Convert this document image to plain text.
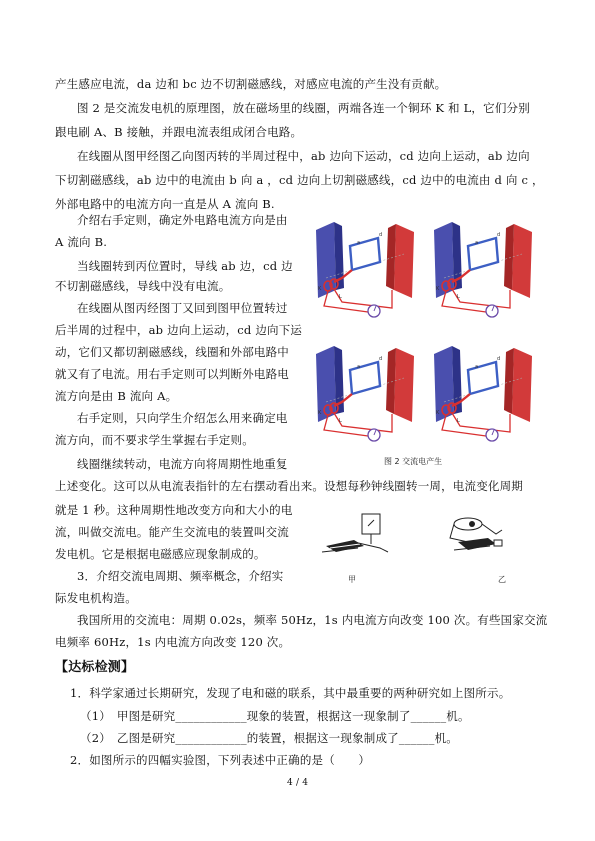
产生感应电流，da 边和 bc 边不切割磁感线，对感应电流的产生没有贡献。
图 2 是交流发电机的原理图，放在磁场里的线圈，两端各连一个铜环 K 和 L，它们分别
跟电刷 A、B 接触，并跟电流表组成闭合电路。
在线圈从图甲经图乙向图丙转的半周过程中，ab 边向下运动，cd 边向上运动，ab 边向
下切割磁感线，ab 边中的电流由 b 向 a ，cd 边向上切割磁感线，cd 边中的电流由 d 向 c ，
外部电路中的电流方向一直是从 A 流向 B.
介绍右手定则，确定外电路电流方向是由
A 流向 B.
当线圈转到丙位置时，导线 ab 边，cd 边
不切割磁感线，导线中没有电流。
在线圈从图丙经图丁又回到图甲位置转过
后半周的过程中，ab 边向上运动，cd 边向下运
动，它们又都切割磁感线，线圈和外部电路中
就又有了电流。用右手定则可以判断外电路电
流方向是由 B 流向 A。
右手定则，只向学生介绍怎么用来确定电
流方向，而不要求学生掌握右手定则。
线圈继续转动，电流方向将周期性地重复
上述变化。这可以从电流表指针的左右摆动看出来。设想每秒钟线圈转一周，电流变化周期
就是 1 秒。这种周期性地改变方向和大小的电
流，叫做交流电。能产生交流电的装置叫交流
发电机。它是根据电磁感应现象制成的。
3．介绍交流电周期、频率概念，介绍实
际发电机构造。
我国所用的交流电：周期 0.02s，频率 50Hz，1s 内电流方向改变 100 次。有些国家交流
电频率 60Hz，1s 内电流方向改变 120 次。
【达标检测】
1．科学家通过长期研究，发现了电和磁的联系，其中最重要的两种研究如上图所示。
（1）　甲图是研究____________现象的装置，根据这一现象制了______机。
（2）　乙图是研究____________的装置，根据这一现象制成了______机。
2．如图所示的四幅实验图，下列表述中正确的是（　　）
4 / 4
图 2 交流电产生
甲	乙
